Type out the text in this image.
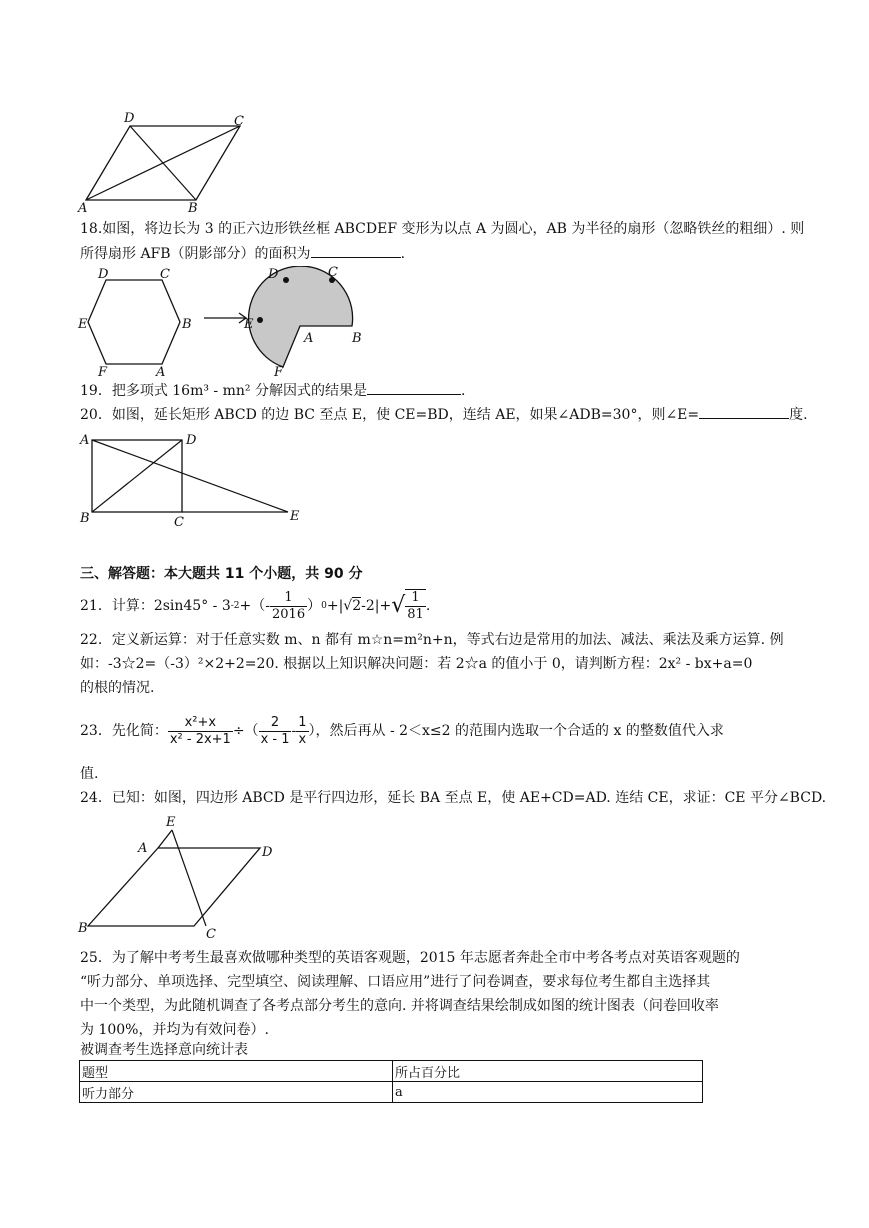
D	C
A	B
18.如图，将边长为 3 的正六边形铁丝框 ABCDEF 变形为以点 A 为圆心，AB 为半径的扇形（忽略铁丝的粗细）. 则
所得扇形 AFB（阴影部分）的面积为	.
D	C
E	B
F	A
D	C
E
A	B
F
19．把多项式 16m³ - mn² 分解因式的结果是	.
20．如图，延长矩形 ABCD 的边 BC 至点 E，使 CE=BD，连结 AE，如果∠ADB=30°，则∠E=	度.
A	D
B	C	E
三、解答题：本大题共 11 个小题，共 90 分
21．计算：2sin45° - 3 -2 +（- $\frac{1}{2016}$ ） 0 +| √2 -2|+ √ $\frac{1}{81}$ .
22．定义新运算：对于任意实数 m、n 都有 m☆n=m²n+n，等式右边是常用的加法、减法、乘法及乘方运算. 例
如：-3☆2=（-3）²×2+2=20. 根据以上知识解决问题：若 2☆a 的值小于 0，请判断方程：2x² - bx+a=0
的根的情况.
23．先化简： $\frac{\text{x²+x}}{\text{x² - 2x+1}}$ ÷（ $\frac{2}{x - 1} - \frac{1}{x}$ ），然后再从 - 2＜x≤2 的范围内选取一个合适的 x 的整数值代入求
值.
24．已知：如图，四边形 ABCD 是平行四边形，延长 BA 至点 E，使 AE+CD=AD. 连结 CE，求证：CE 平分∠BCD.
E
A	D
B	C
25．为了解中考考生最喜欢做哪种类型的英语客观题，2015 年志愿者奔赴全市中考各考点对英语客观题的
“听力部分、单项选择、完型填空、阅读理解、口语应用”进行了问卷调查，要求每位考生都自主选择其
中一个类型，为此随机调查了各考点部分考生的意向. 并将调查结果绘制成如图的统计图表（问卷回收率
为 100%，并均为有效问卷）.
被调查考生选择意向统计表
题型	所占百分比
听力部分	a
